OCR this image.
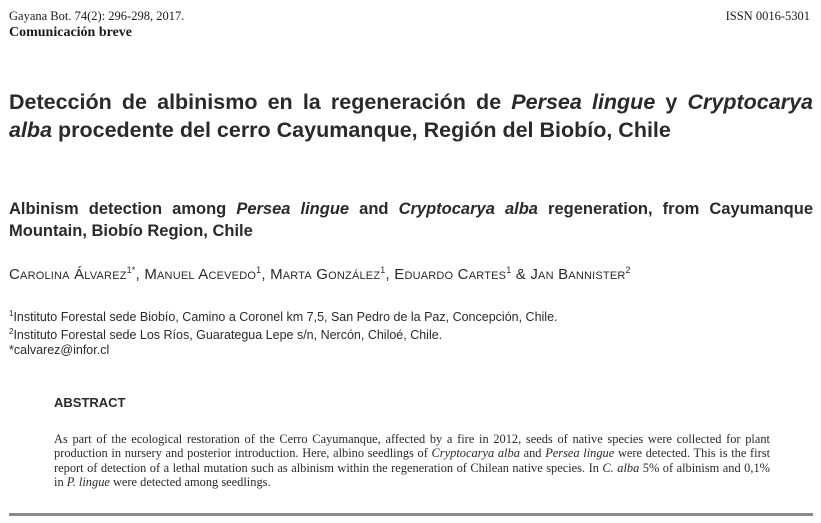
Gayana Bot. 74(2): 296-298, 2017.
Comunicación breve
ISSN 0016-5301
Detección de albinismo en la regeneración de Persea lingue y Cryptocarya alba procedente del cerro Cayumanque, Región del Biobío, Chile
Albinism detection among Persea lingue and Cryptocarya alba regeneration, from Cayumanque Mountain, Biobío Region, Chile
Carolina Álvarez$^{1*}$, Manuel Acevedo$^1$, Marta González$^1$, Eduardo Cartes$^1$ & Jan Bannister$^2$
$^1$Instituto Forestal sede Biobío, Camino a Coronel km 7,5, San Pedro de la Paz, Concepción, Chile.
$^2$Instituto Forestal sede Los Ríos, Guarategua Lepe s/n, Nercón, Chiloé, Chile.
*calvarez@infor.cl
ABSTRACT
As part of the ecological restoration of the Cerro Cayumanque, affected by a fire in 2012, seeds of native species were collected for plant production in nursery and posterior introduction. Here, albino seedlings of Cryptocarya alba and Persea lingue were detected. This is the first report of detection of a lethal mutation such as albinism within the regeneration of Chilean native species. In C. alba 5% of albinism and 0,1% in P. lingue were detected among seedlings.
